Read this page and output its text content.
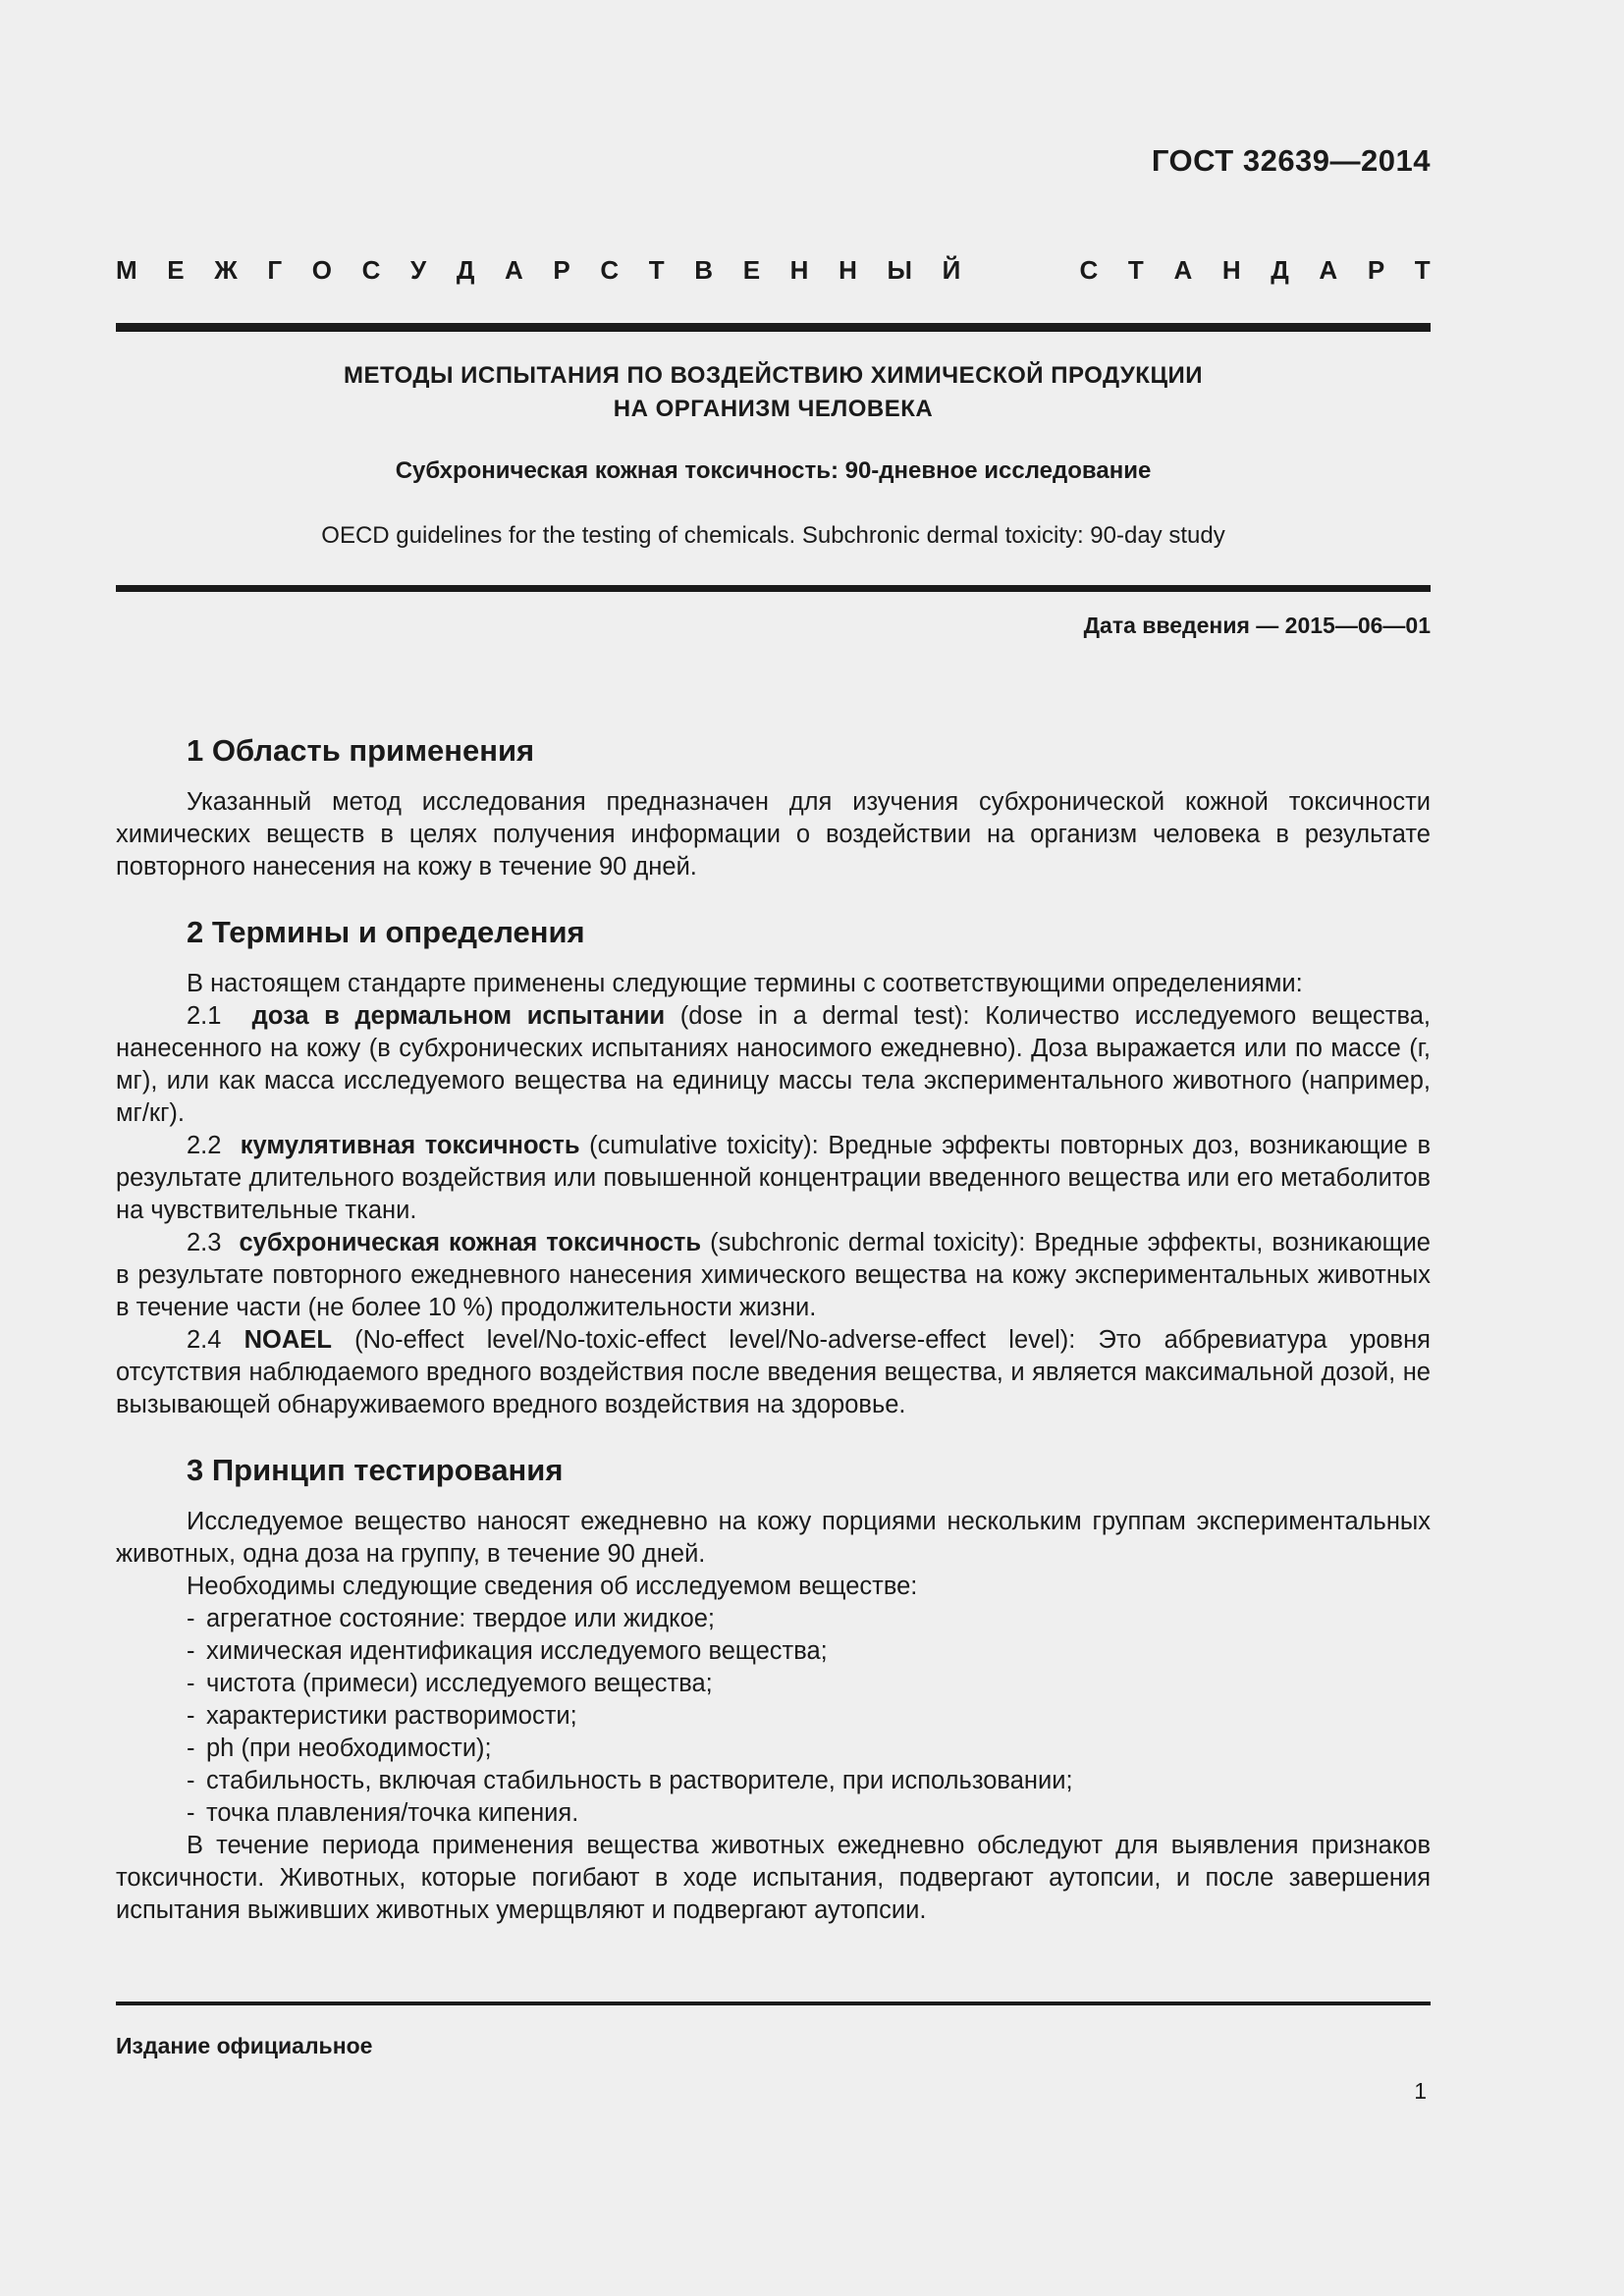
ГОСТ 32639—2014
М Е Ж Г О С У Д А Р С Т В Е Н Н Ы Й	С Т А Н Д А Р Т
МЕТОДЫ ИСПЫТАНИЯ ПО ВОЗДЕЙСТВИЮ ХИМИЧЕСКОЙ ПРОДУКЦИИ
НА ОРГАНИЗМ ЧЕЛОВЕКА
Субхроническая кожная токсичность: 90-дневное исследование
OECD guidelines for the testing of chemicals. Subchronic dermal toxicity: 90-day study
Дата введения — 2015—06—01
1 Область применения

Указанный метод исследования предназначен для изучения субхронической кожной токсичности химических веществ в целях получения информации о воздействии на организм человека в результате повторного нанесения на кожу в течение 90 дней.

2 Термины и определения

В настоящем стандарте применены следующие термины с соответствующими определениями:

2.1 доза в дермальном испытании (dose in a dermal test): Количество исследуемого вещества, нанесенного на кожу (в субхронических испытаниях наносимого ежедневно). Доза выражается или по массе (г, мг), или как масса исследуемого вещества на единицу массы тела экспериментального животного (например, мг/кг).

2.2 кумулятивная токсичность (cumulative toxicity): Вредные эффекты повторных доз, возникающие в результате длительного воздействия или повышенной концентрации введенного вещества или его метаболитов на чувствительные ткани.

2.3 субхроническая кожная токсичность (subchronic dermal toxicity): Вредные эффекты, возникающие в результате повторного ежедневного нанесения химического вещества на кожу экспериментальных животных в течение части (не более 10 %) продолжительности жизни.

2.4 NOAEL (No-effect level/No-toxic-effect level/No-adverse-effect level): Это аббревиатура уровня отсутствия наблюдаемого вредного воздействия после введения вещества, и является максимальной дозой, не вызывающей обнаруживаемого вредного воздействия на здоровье.

3 Принцип тестирования

Исследуемое вещество наносят ежедневно на кожу порциями нескольким группам экспериментальных животных, одна доза на группу, в течение 90 дней.

Необходимы следующие сведения об исследуемом веществе:

- агрегатное состояние: твердое или жидкое;

- химическая идентификация исследуемого вещества;

- чистота (примеси) исследуемого вещества;

- характеристики растворимости;

- ph (при необходимости);

- стабильность, включая стабильность в растворителе, при использовании;

- точка плавления/точка кипения.

В течение периода применения вещества животных ежедневно обследуют для выявления признаков токсичности. Животных, которые погибают в ходе испытания, подвергают аутопсии, и после завершения испытания выживших животных умерщвляют и подвергают аутопсии.

Издание официальное
1
